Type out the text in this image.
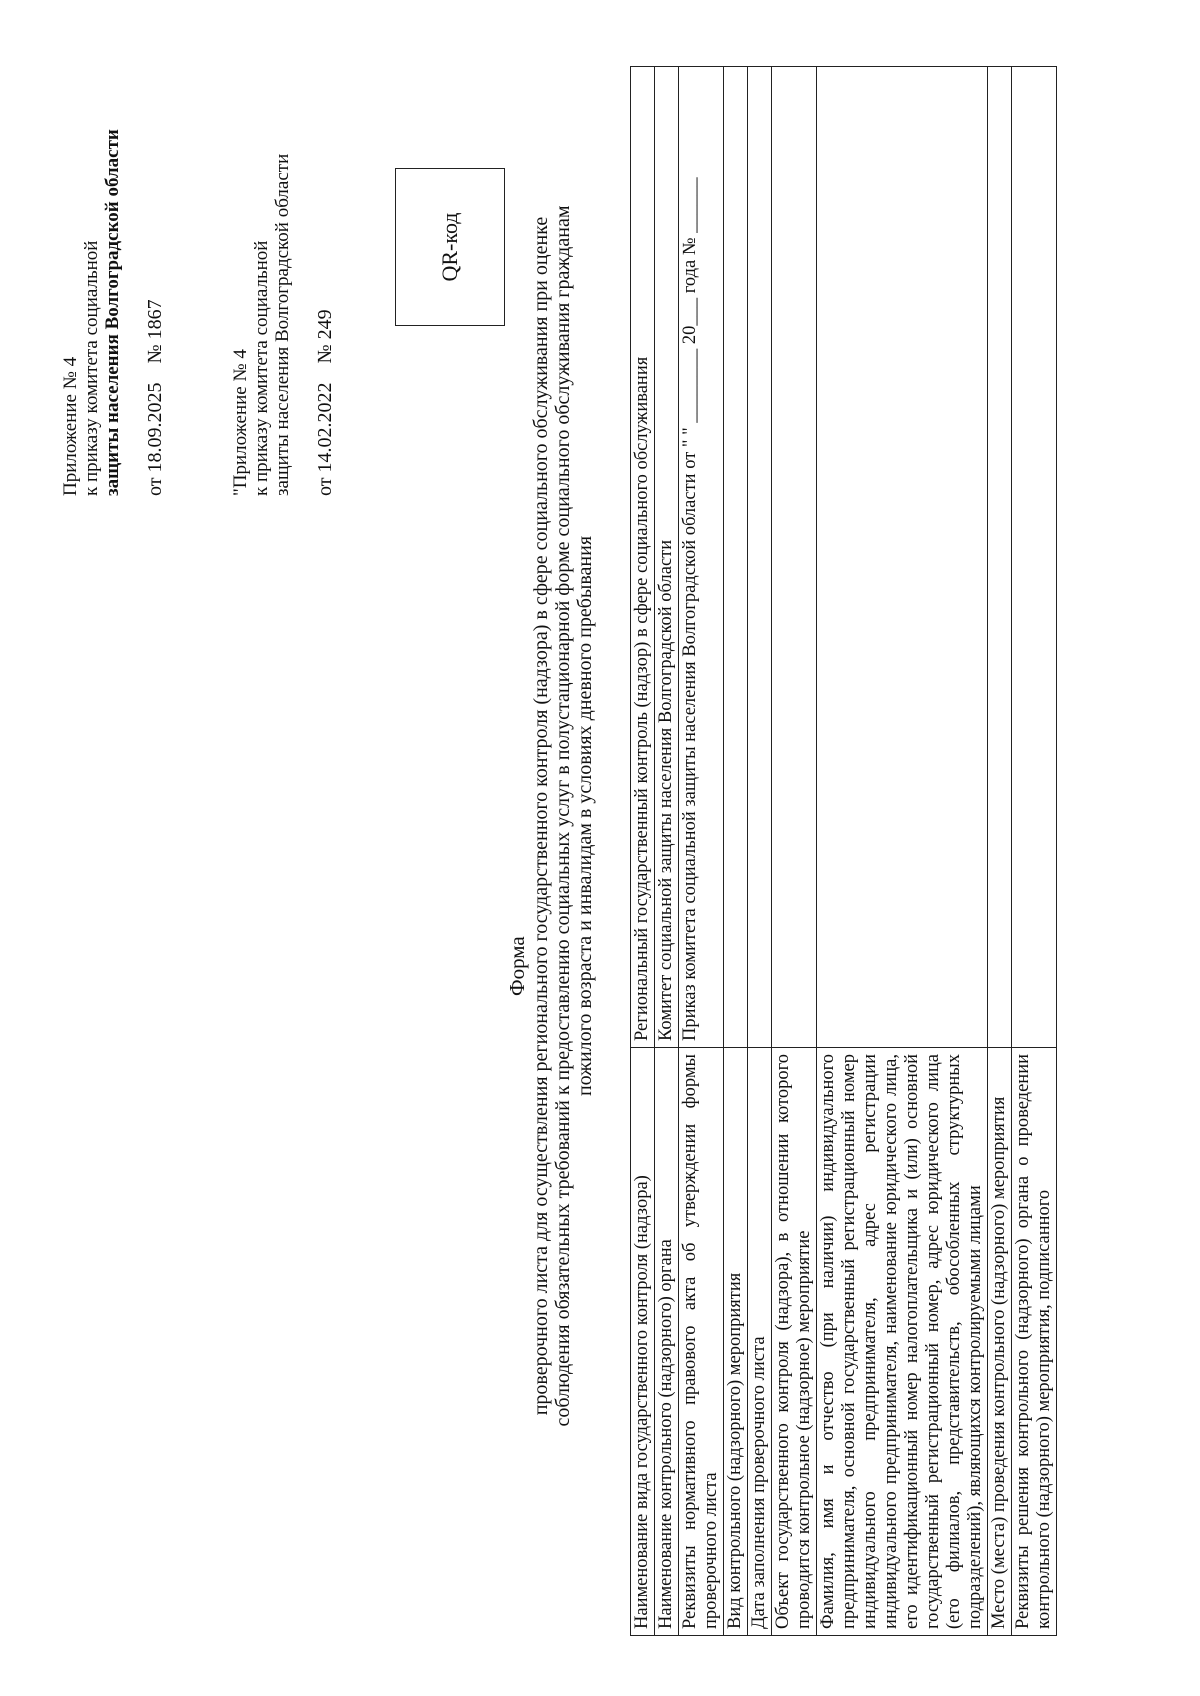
Приложение № 4 к приказу комитета социальной защиты населения Волгоградской области от 18.09.2025 № 1867
"Приложение № 4 к приказу комитета социальной защиты населения Волгоградской области от 14.02.2022 № 249
QR-код
Форма проверочного листа для осуществления регионального государственного контроля (надзора) в сфере социального обслуживания при оценке соблюдения обязательных требований к предоставлению социальных услуг в полустационарной форме социального обслуживания гражданам пожилого возраста и инвалидам в условиях дневного пребывания
Наименование вида государственного контроля (надзора)	Региональный государственный контроль (надзор) в сфере социального обслуживания
Наименование контрольного (надзорного) органа	Комитет социальной защиты населения Волгоградской области
Реквизиты нормативного правового акта об утверждении формы проверочного листа	Приказ комитета социальной защиты населения Волгоградской области от " " ________ 20___ года № ______
Вид контрольного (надзорного) мероприятия	
Дата заполнения проверочного листа	
Объект государственного контроля (надзора), в отношении которого проводится контрольное (надзорное) мероприятие	
Фамилия, имя и отчество (при наличии) индивидуального предпринимателя, основной государственный регистрационный номер индивидуального предпринимателя, адрес регистрации индивидуального предпринимателя, наименование юридического лица, его идентификационный номер налогоплательщика и (или) основной государственный регистрационный номер, адрес юридического лица (его филиалов, представительств, обособленных структурных подразделений), являющихся контролируемыми лицами	
Место (места) проведения контрольного (надзорного) мероприятия	
Реквизиты решения контрольного (надзорного) органа о проведении контрольного (надзорного) мероприятия, подписанного	
